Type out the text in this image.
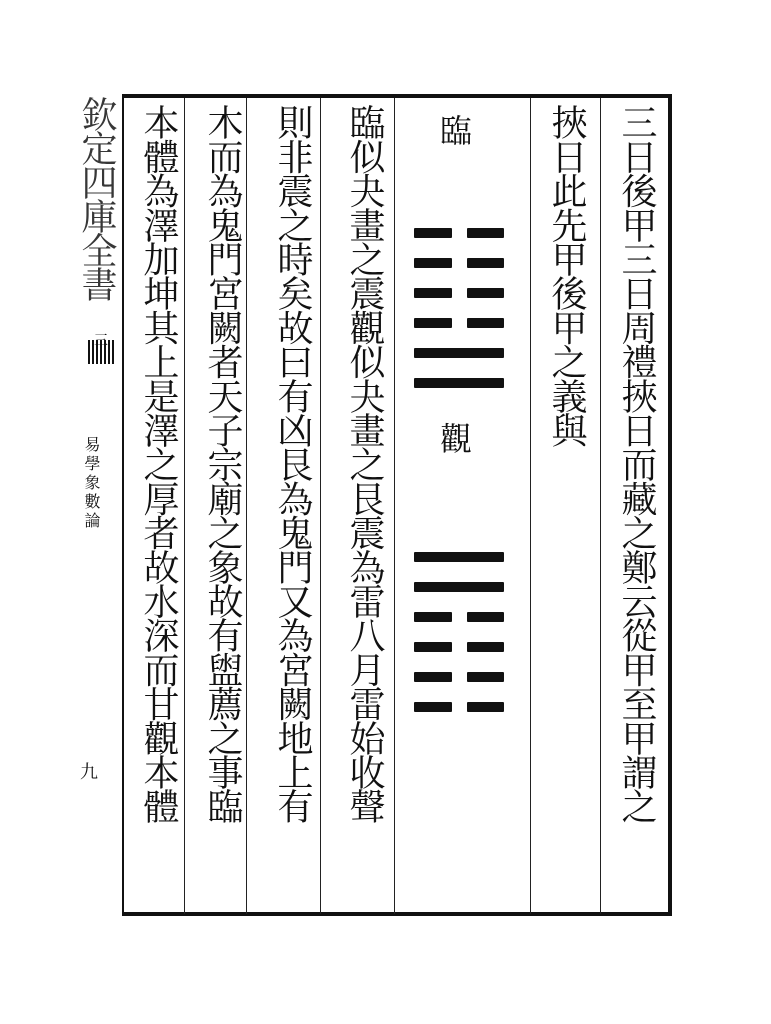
欽定四庫全書
三
易學象數論
九	三日後甲三日周禮挾日而藏之鄭云從甲至甲謂之
挾日此先甲後甲之義與
臨似夬畫之震觀似夬畫之艮震為雷八月雷始收聲
則非震之時矣故曰有凶艮為鬼門又為宮闕地上有
木而為鬼門宮闕者天子宗廟之象故有盥薦之事臨
本體為澤加坤其上是澤之厚者故水深而甘觀本體	臨
觀
